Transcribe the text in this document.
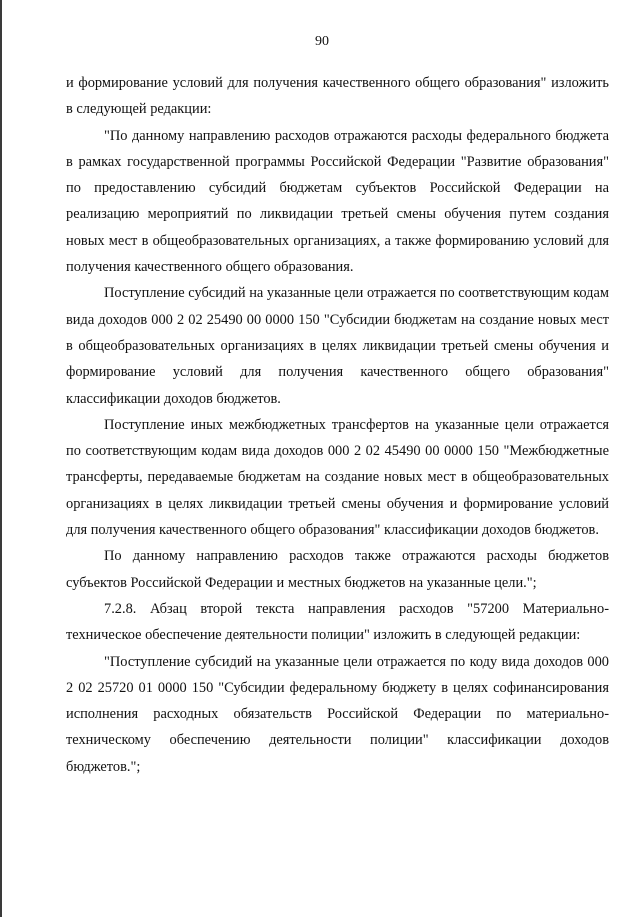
90

и формирование условий для получения качественного общего образования" изложить в следующей редакции:

"По данному направлению расходов отражаются расходы федерального бюджета в рамках государственной программы Российской Федерации "Развитие образования" по предоставлению субсидий бюджетам субъектов Российской Федерации на реализацию мероприятий по ликвидации третьей смены обучения путем создания новых мест в общеобразовательных организациях, а также формированию условий для получения качественного общего образования.

Поступление субсидий на указанные цели отражается по соответствующим кодам вида доходов 000 2 02 25490 00 0000 150 "Субсидии бюджетам на создание новых мест в общеобразовательных организациях в целях ликвидации третьей смены обучения и формирование условий для получения качественного общего образования" классификации доходов бюджетов.

Поступление иных межбюджетных трансфертов на указанные цели отражается по соответствующим кодам вида доходов 000 2 02 45490 00 0000 150 "Межбюджетные трансферты, передаваемые бюджетам на создание новых мест в общеобразовательных организациях в целях ликвидации третьей смены обучения и формирование условий для получения качественного общего образования" классификации доходов бюджетов.

По данному направлению расходов также отражаются расходы бюджетов субъектов Российской Федерации и местных бюджетов на указанные цели.";

7.2.8. Абзац второй текста направления расходов "57200 Материально-техническое обеспечение деятельности полиции" изложить в следующей редакции:

"Поступление субсидий на указанные цели отражается по коду вида доходов 000 2 02 25720 01 0000 150 "Субсидии федеральному бюджету в целях софинансирования исполнения расходных обязательств Российской Федерации по материально-техническому обеспечению деятельности полиции" классификации доходов бюджетов.";
